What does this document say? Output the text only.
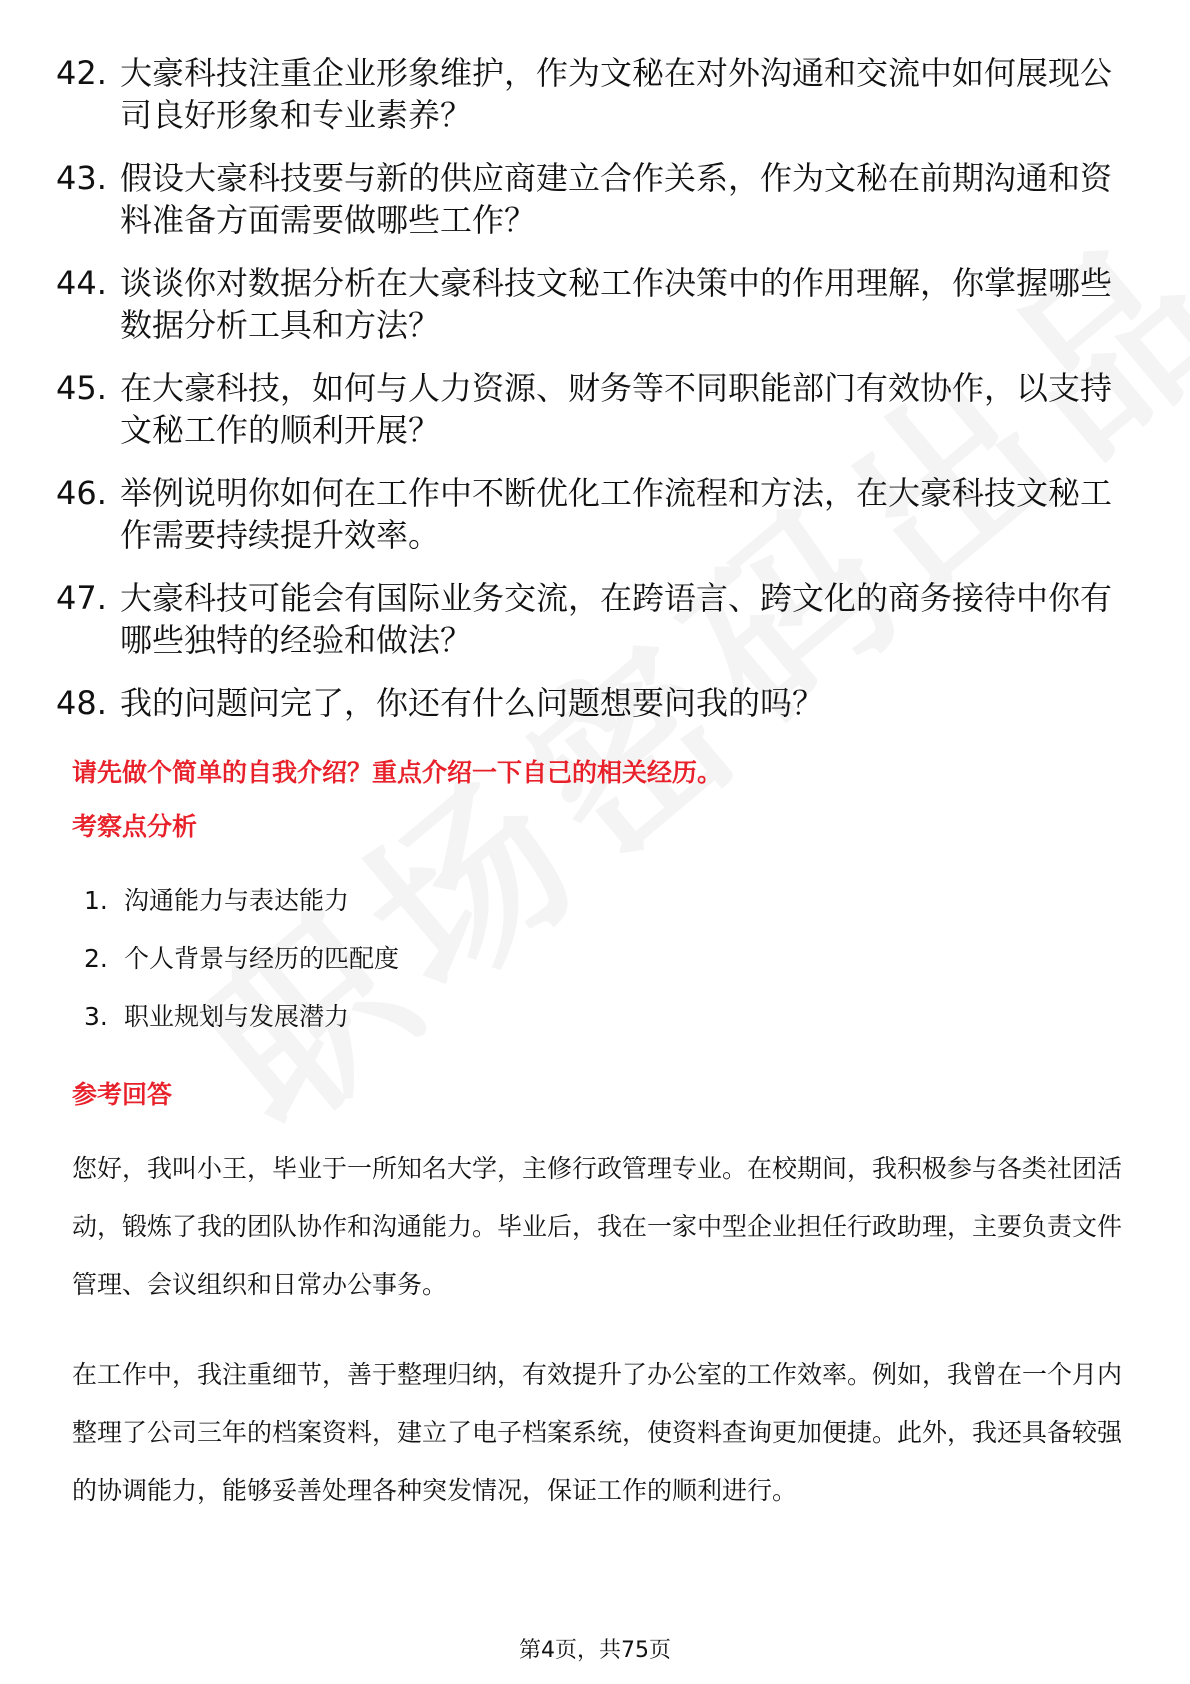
42. 大豪科技注重企业形象维护，作为文秘在对外沟通和交流中如何展现公司良好形象和专业素养？
43. 假设大豪科技要与新的供应商建立合作关系，作为文秘在前期沟通和资料准备方面需要做哪些工作？
44. 谈谈你对数据分析在大豪科技文秘工作决策中的作用理解，你掌握哪些数据分析工具和方法？
45. 在大豪科技，如何与人力资源、财务等不同职能部门有效协作，以支持文秘工作的顺利开展？
46. 举例说明你如何在工作中不断优化工作流程和方法，在大豪科技文秘工作需要持续提升效率。
47. 大豪科技可能会有国际业务交流，在跨语言、跨文化的商务接待中你有哪些独特的经验和做法？
48. 我的问题问完了，你还有什么问题想要问我的吗？
请先做个简单的自我介绍？重点介绍一下自己的相关经历。
考察点分析
1. 沟通能力与表达能力
2. 个人背景与经历的匹配度
3. 职业规划与发展潜力
参考回答

您好，我叫小王，毕业于一所知名大学，主修行政管理专业。在校期间，我积极参与各类社团活动，锻炼了我的团队协作和沟通能力。毕业后，我在一家中型企业担任行政助理，主要负责文件管理、会议组织和日常办公事务。

在工作中，我注重细节，善于整理归纳，有效提升了办公室的工作效率。例如，我曾在一个月内整理了公司三年的档案资料，建立了电子档案系统，使资料查询更加便捷。此外，我还具备较强的协调能力，能够妥善处理各种突发情况，保证工作的顺利进行。

第4页，共75页
